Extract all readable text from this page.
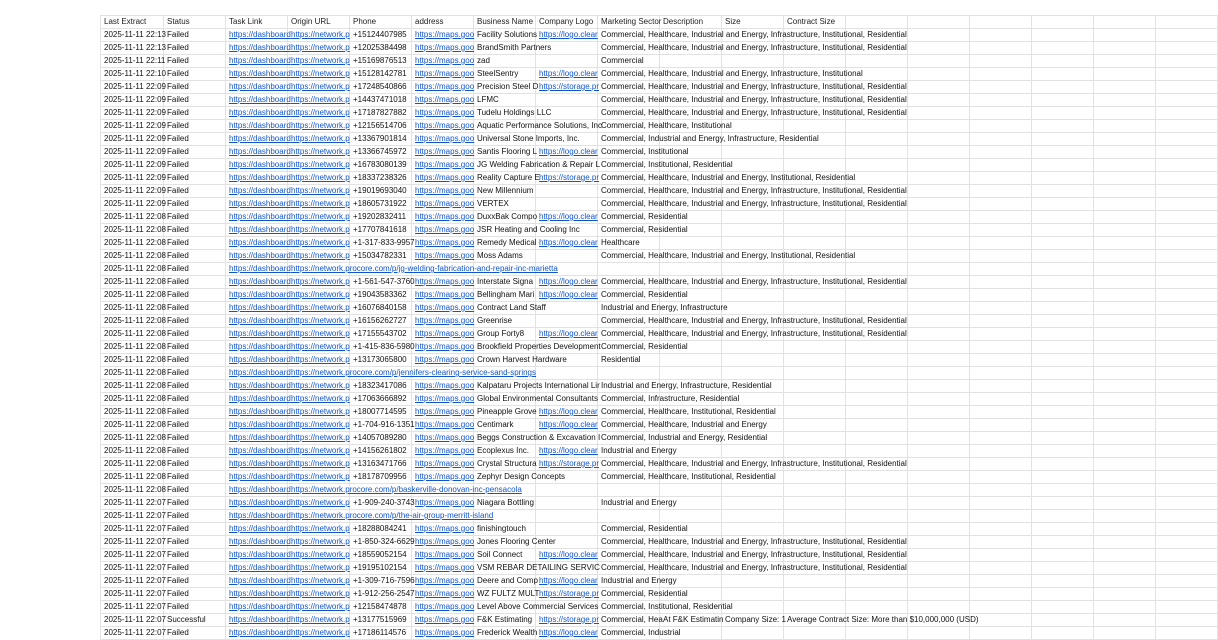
Last Extract	Status	Task Link	Origin URL	Phone	address	Business Name	Company Logo	Marketing Sector	Description	Size	Contract Size						
2025-11-11 22:13	Failed	https://dashboard	https://network.p	+15124407985	https://maps.goo	Facility Solutions	https://logo.clear	Commercial, Healthcare, Industrial and Energy, Infrastructure, Institutional, Residential									
2025-11-11 22:13	Failed	https://dashboard	https://network.p	+12025384498	https://maps.goo	BrandSmith Partners		Commercial, Healthcare, Industrial and Energy, Infrastructure, Institutional, Residential									
2025-11-11 22:11	Failed	https://dashboard	https://network.p	+15169876513	https://maps.goo	zad		Commercial									
2025-11-11 22:10	Failed	https://dashboard	https://network.p	+15128142781	https://maps.goo	SteelSentry	https://logo.clear	Commercial, Healthcare, Industrial and Energy, Infrastructure, Institutional									
2025-11-11 22:09	Failed	https://dashboard	https://network.p	+17248540866	https://maps.goo	Precision Steel D	https://storage.pr	Commercial, Healthcare, Industrial and Energy, Infrastructure, Institutional, Residential									
2025-11-11 22:09	Failed	https://dashboard	https://network.p	+14437471018	https://maps.goo	LFMC		Commercial, Healthcare, Industrial and Energy, Infrastructure, Institutional, Residential									
2025-11-11 22:09	Failed	https://dashboard	https://network.p	+17187827882	https://maps.goo	Tudelu Holdings LLC		Commercial, Healthcare, Industrial and Energy, Infrastructure, Institutional, Residential									
2025-11-11 22:09	Failed	https://dashboard	https://network.p	+12156514706	https://maps.goo	Aquatic Performance Solutions, Inc		Commercial, Healthcare, Institutional									
2025-11-11 22:09	Failed	https://dashboard	https://network.p	+13367901814	https://maps.goo	Universal Stone Imports, Inc.		Commercial, Industrial and Energy, Infrastructure, Residential									
2025-11-11 22:09	Failed	https://dashboard	https://network.p	+13366745972	https://maps.goo	Santis Flooring L	https://logo.clear	Commercial, Institutional									
2025-11-11 22:09	Failed	https://dashboard	https://network.p	+16783080139	https://maps.goo	JG Welding Fabrication & Repair L		Commercial, Institutional, Residential									
2025-11-11 22:09	Failed	https://dashboard	https://network.p	+18337238326	https://maps.goo	Reality Capture E	https://storage.pr	Commercial, Healthcare, Industrial and Energy, Institutional, Residential									
2025-11-11 22:09	Failed	https://dashboard	https://network.p	+19019693040	https://maps.goo	New Millennium		Commercial, Healthcare, Industrial and Energy, Infrastructure, Institutional, Residential									
2025-11-11 22:09	Failed	https://dashboard	https://network.p	+18605731922	https://maps.goo	VERTEX		Commercial, Healthcare, Industrial and Energy, Infrastructure, Institutional, Residential									
2025-11-11 22:08	Failed	https://dashboard	https://network.p	+19202832411	https://maps.goo	DuxxBak Compo	https://logo.clear	Commercial, Residential									
2025-11-11 22:08	Failed	https://dashboard	https://network.p	+17707841618	https://maps.goo	JSR Heating and Cooling Inc		Commercial, Residential									
2025-11-11 22:08	Failed	https://dashboard	https://network.p	+1-317-833-9957	https://maps.goo	Remedy Medical	https://logo.clear	Healthcare									
2025-11-11 22:08	Failed	https://dashboard	https://network.p	+15034782331	https://maps.goo	Moss Adams		Commercial, Healthcare, Industrial and Energy, Institutional, Residential									
2025-11-11 22:08	Failed	https://dashboard	https://network.procore.com/p/jg-welding-fabrication-and-repair-inc-marietta														
2025-11-11 22:08	Failed	https://dashboard	https://network.p	+1-561-547-3760	https://maps.goo	Interstate Signa	https://logo.clear	Commercial, Healthcare, Industrial and Energy, Infrastructure, Institutional, Residential									
2025-11-11 22:08	Failed	https://dashboard	https://network.p	+19043583362	https://maps.goo	Bellingham Mari	https://logo.clear	Commercial, Residential									
2025-11-11 22:08	Failed	https://dashboard	https://network.p	+16076840158	https://maps.goo	Contract Land Staff		Industrial and Energy, Infrastructure									
2025-11-11 22:08	Failed	https://dashboard	https://network.p	+16156262727	https://maps.goo	Greenrise		Commercial, Healthcare, Industrial and Energy, Infrastructure, Institutional, Residential									
2025-11-11 22:08	Failed	https://dashboard	https://network.p	+17155543702	https://maps.goo	Group Forty8	https://logo.clear	Commercial, Healthcare, Industrial and Energy, Infrastructure, Institutional, Residential									
2025-11-11 22:08	Failed	https://dashboard	https://network.p	+1-415-836-5980	https://maps.goo	Brookfield Properties Development		Commercial, Residential									
2025-11-11 22:08	Failed	https://dashboard	https://network.p	+13173065800	https://maps.goo	Crown Harvest Hardware		Residential									
2025-11-11 22:08	Failed	https://dashboard	https://network.procore.com/p/jennifers-clearing-service-sand-springs														
2025-11-11 22:08	Failed	https://dashboard	https://network.p	+18323417086	https://maps.goo	Kalpataru Projects International Lir		Industrial and Energy, Infrastructure, Residential									
2025-11-11 22:08	Failed	https://dashboard	https://network.p	+17063666892	https://maps.goo	Global Environmental Consultants		Commercial, Infrastructure, Residential									
2025-11-11 22:08	Failed	https://dashboard	https://network.p	+18007714595	https://maps.goo	Pineapple Grove	https://logo.clear	Commercial, Healthcare, Institutional, Residential									
2025-11-11 22:08	Failed	https://dashboard	https://network.p	+1-704-916-1351	https://maps.goo	Centimark	https://logo.clear	Commercial, Healthcare, Industrial and Energy									
2025-11-11 22:08	Failed	https://dashboard	https://network.p	+14057089280	https://maps.goo	Beggs Construction & Excavation I		Commercial, Industrial and Energy, Residential									
2025-11-11 22:08	Failed	https://dashboard	https://network.p	+14156261802	https://maps.goo	Ecoplexus Inc.	https://logo.clear	Industrial and Energy									
2025-11-11 22:08	Failed	https://dashboard	https://network.p	+13163471766	https://maps.goo	Crystal Structura	https://storage.pr	Commercial, Healthcare, Industrial and Energy, Infrastructure, Institutional, Residential									
2025-11-11 22:08	Failed	https://dashboard	https://network.p	+18178709956	https://maps.goo	Zephyr Design Concepts		Commercial, Healthcare, Institutional, Residential									
2025-11-11 22:08	Failed	https://dashboard	https://network.procore.com/p/baskerville-donovan-inc-pensacola														
2025-11-11 22:07	Failed	https://dashboard	https://network.p	+1-909-240-3743	https://maps.goo	Niagara Bottling		Industrial and Energy									
2025-11-11 22:07	Failed	https://dashboard	https://network.procore.com/p/the-air-group-merritt-island														
2025-11-11 22:07	Failed	https://dashboard	https://network.p	+18288084241	https://maps.goo	finishingtouch		Commercial, Residential									
2025-11-11 22:07	Failed	https://dashboard	https://network.p	+1-850-324-6629	https://maps.goo	Jones Flooring Center		Commercial, Healthcare, Industrial and Energy, Infrastructure, Institutional, Residential									
2025-11-11 22:07	Failed	https://dashboard	https://network.p	+18559052154	https://maps.goo	Soil Connect	https://logo.clear	Commercial, Healthcare, Industrial and Energy, Infrastructure, Institutional, Residential									
2025-11-11 22:07	Failed	https://dashboard	https://network.p	+19195102154	https://maps.goo	VSM REBAR DETAILING SERVIC		Commercial, Healthcare, Industrial and Energy, Infrastructure, Institutional, Residential									
2025-11-11 22:07	Failed	https://dashboard	https://network.p	+1-309-716-7596	https://maps.goo	Deere and Comp	https://logo.clear	Industrial and Energy									
2025-11-11 22:07	Failed	https://dashboard	https://network.p	+1-912-256-2547	https://maps.goo	WZ FULTZ MULT	https://storage.pr	Commercial, Residential									
2025-11-11 22:07	Failed	https://dashboard	https://network.p	+12158474878	https://maps.goo	Level Above Commercial Services		Commercial, Institutional, Residential									
2025-11-11 22:07	Successful	https://dashboard	https://network.p	+13177515969	https://maps.goo	F&K Estimating	https://storage.pr	Commercial, Hea	At F&K Estimatin	Company Size: 1	Average Contract Size: More than $10,000,000 (USD)						
2025-11-11 22:07	Failed	https://dashboard	https://network.p	+17186114576	https://maps.goo	Frederick Wealth	https://logo.clear	Commercial, Industrial									
